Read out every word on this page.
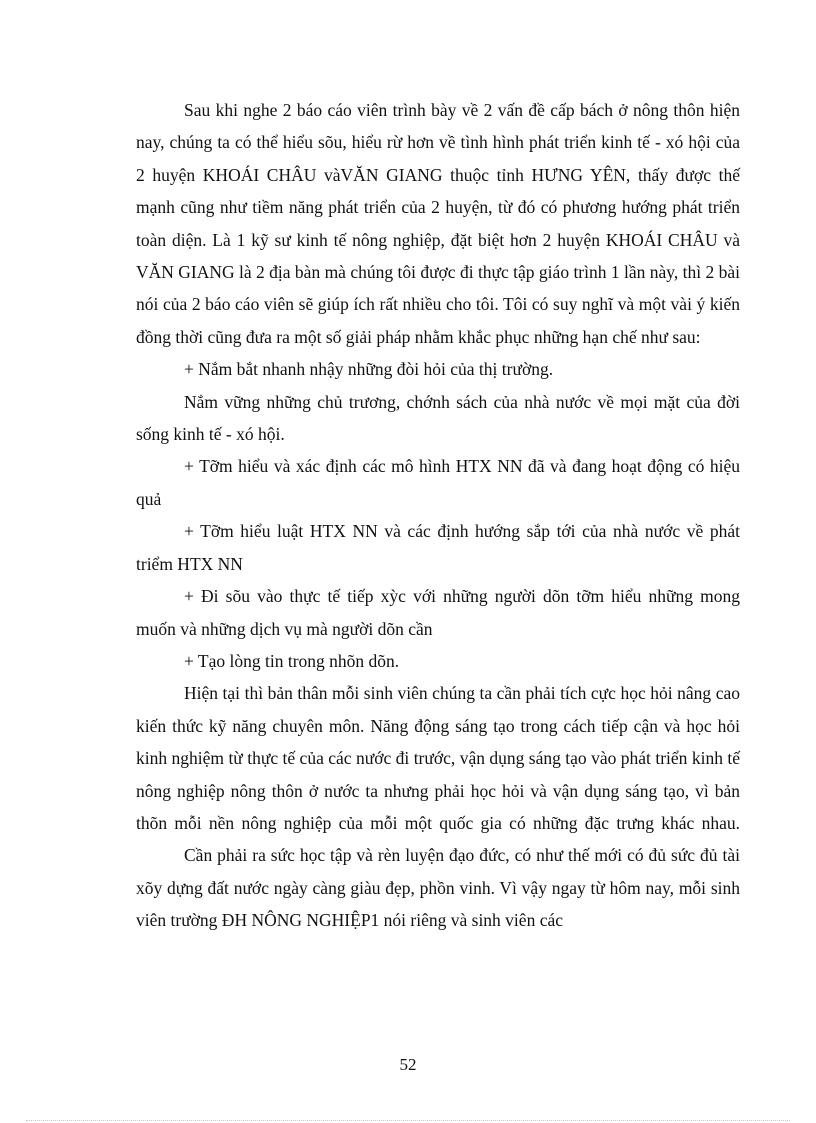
Sau khi nghe 2 báo cáo viên trình bày về 2 vấn đề cấp bách ở nông thôn hiện nay, chúng ta có thể hiểu sõu, hiểu rừ hơn về tình hình phát triển kinh tế - xó hội của 2 huyện KHOÁI CHÂU vàVĂN GIANG thuộc tỉnh HƯNG YÊN, thấy được thế mạnh cũng như tiềm năng phát triển của 2 huyện, từ đó có phương hướng phát triển toàn diện. Là 1 kỹ sư kinh tế nông nghiệp, đặt biệt hơn 2 huyện KHOÁI CHÂU và VĂN GIANG là 2 địa bàn mà chúng tôi được đi thực tập giáo trình 1 lần này, thì 2 bài nói của 2 báo cáo viên sẽ giúp ích rất nhiều cho tôi. Tôi có suy nghĩ và một vài ý kiến đồng thời cũng đưa ra một số giải pháp nhằm khắc phục những hạn chế như sau:

+ Nắm bắt nhanh nhậy những đòi hỏi của thị trường.

Nắm vững những chủ trương, chớnh sách của nhà nước về mọi mặt của đời sống kinh tế - xó hội.

+ Tỡm hiểu và xác định các mô hình HTX NN đã và đang hoạt động có hiệu quả

+ Tỡm hiểu luật HTX NN và các định hướng sắp tới của nhà nước về phát triểm HTX NN

+ Đi sõu vào thực tế tiếp xỳc với những người dõn tỡm hiểu những mong muốn và những dịch vụ mà người dõn cần

+ Tạo lòng tin trong nhõn dõn.

Hiện tại thì bản thân mỗi sinh viên chúng ta cần phải tích cực học hỏi nâng cao kiến thức kỹ năng chuyên môn. Năng động sáng tạo trong cách tiếp cận và học hỏi kinh nghiệm từ thực tế của các nước đi trước, vận dụng sáng tạo vào phát triển kinh tế nông nghiệp nông thôn ở nước ta nhưng phải học hỏi và vận dụng sáng tạo, vì bản thõn mỗi nền nông nghiệp của mỗi một quốc gia có những đặc trưng khác nhau.

Cần phải ra sức học tập và rèn luyện đạo đức, có như thế mới có đủ sức đủ tài xõy dựng đất nước ngày càng giàu đẹp, phồn vinh. Vì vậy ngay từ hôm nay, mỗi sinh viên trường ĐH NÔNG NGHIỆP1 nói riêng và sinh viên các

52
